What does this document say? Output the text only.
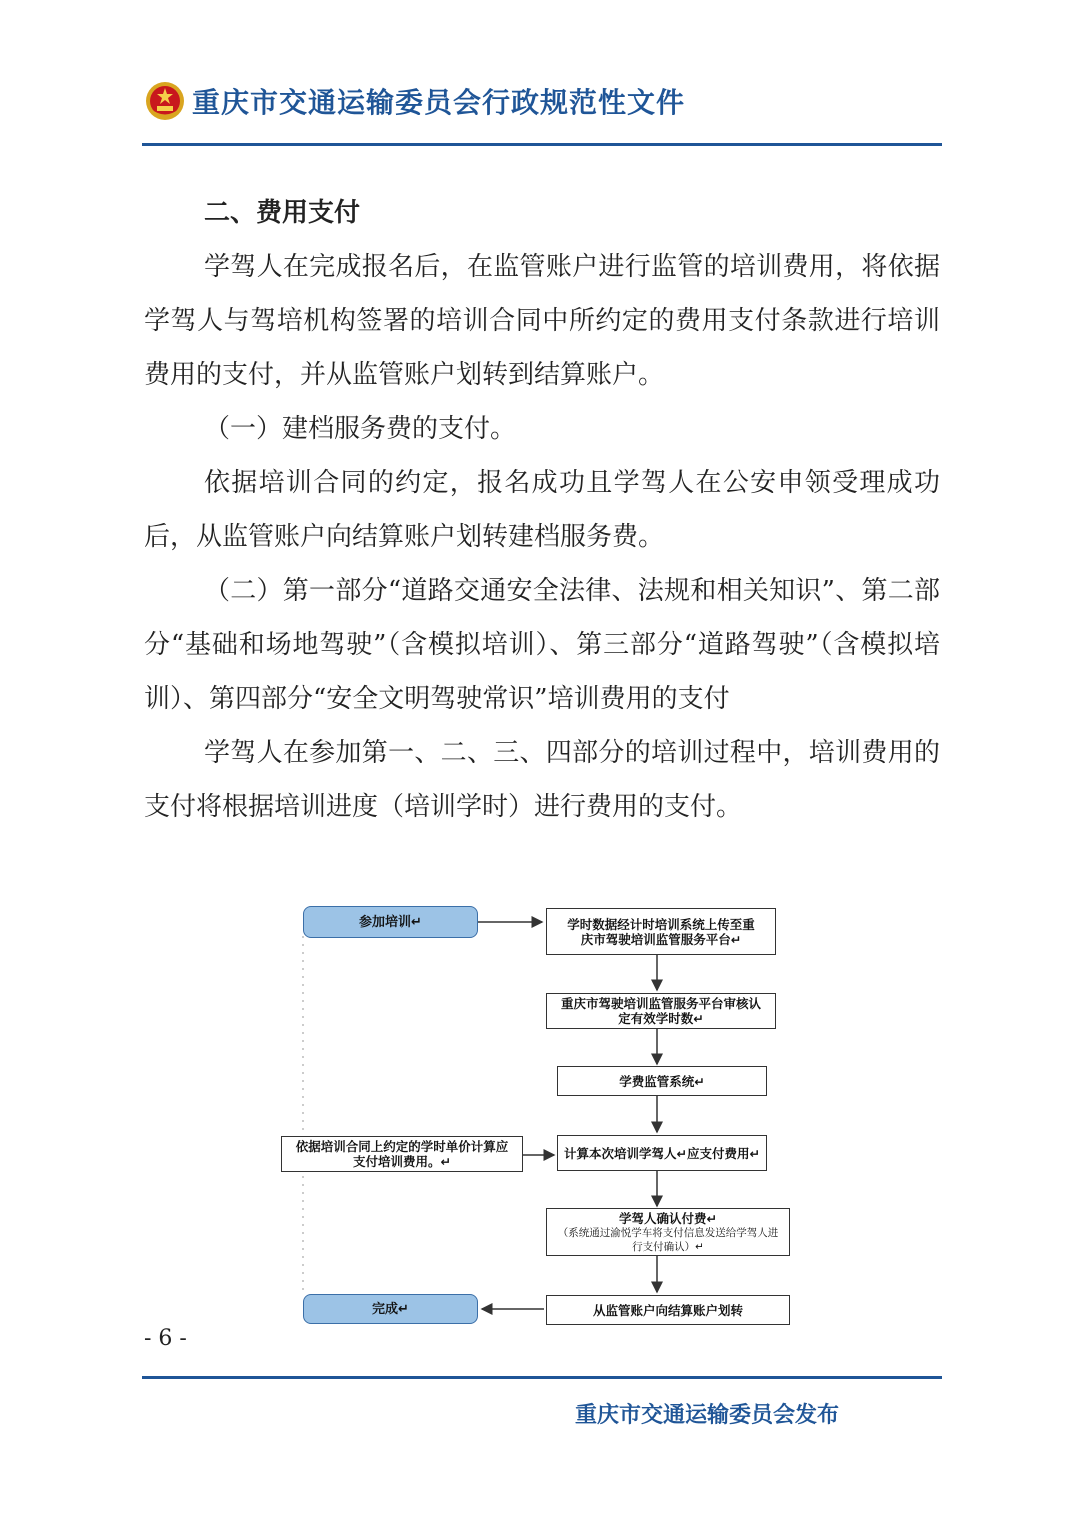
重庆市交通运输委员会行政规范性文件

二、费用支付

学驾人在完成报名后，在监管账户进行监管的培训费用，将依据学驾人与驾培机构签署的培训合同中所约定的费用支付条款进行培训费用的支付，并从监管账户划转到结算账户。

（一）建档服务费的支付。

依据培训合同的约定，报名成功且学驾人在公安申领受理成功后，从监管账户向结算账户划转建档服务费。

（二）第一部分“道路交通安全法律、法规和相关知识”、第二部分“基础和场地驾驶”（含模拟培训）、第三部分“道路驾驶”（含模拟培训）、第四部分“安全文明驾驶常识”培训费用的支付

学驾人在参加第一、二、三、四部分的培训过程中，培训费用的支付将根据培训进度（培训学时）进行费用的支付。

参加培训↵	学时数据经计时培训系统上传至重庆市驾驶培训监管服务平台↵
重庆市驾驶培训监管服务平台审核认定有效学时数↵
学费监管系统↵
依据培训合同上约定的学时单价计算应支付培训费用。↵
计算本次培训学驾人↵应支付费用↵
学驾人确认付费↵
（系统通过渝悦学车将支付信息发送给学驾人进行支付确认）↵
从监管账户向结算账户划转
完成↵
- 6 -
重庆市交通运输委员会发布
